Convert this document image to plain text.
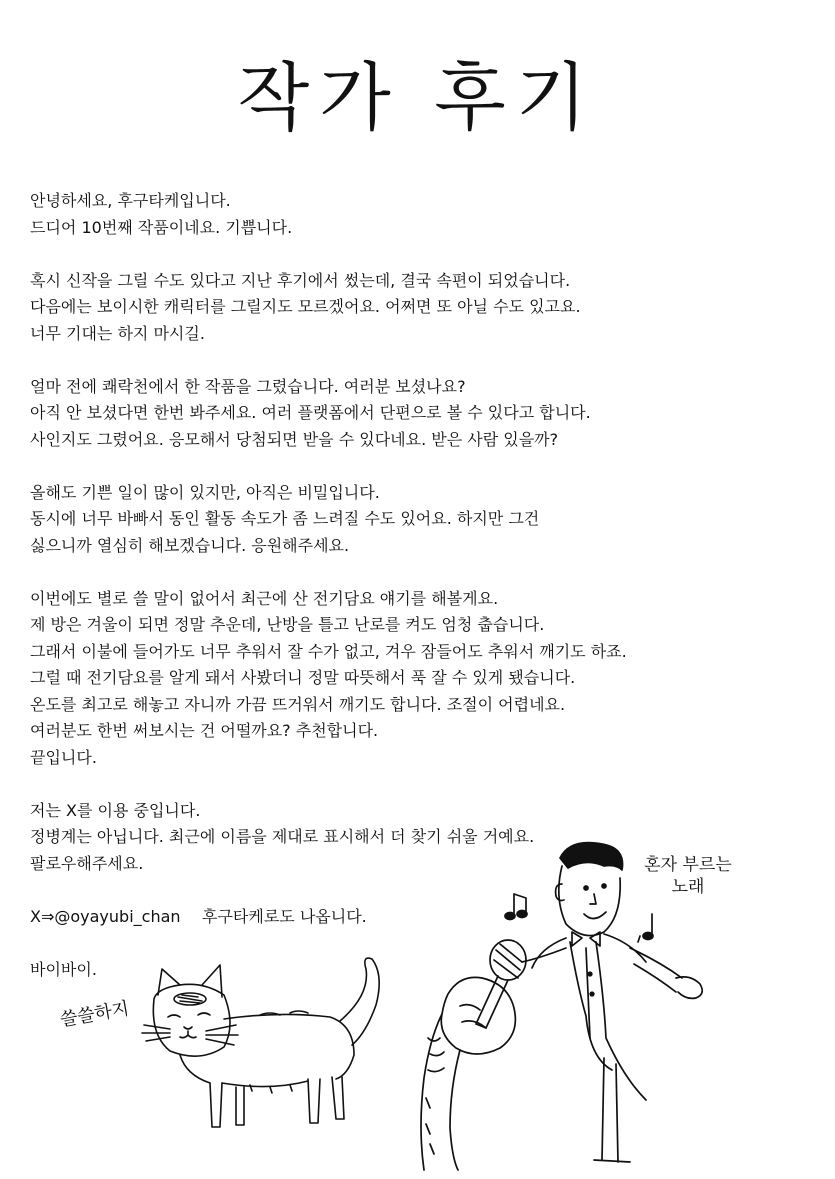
작가 후기
안녕하세요, 후구타케입니다.
드디어 10번째 작품이네요. 기쁩니다.
혹시 신작을 그릴 수도 있다고 지난 후기에서 썼는데, 결국 속편이 되었습니다.
다음에는 보이시한 캐릭터를 그릴지도 모르겠어요. 어쩌면 또 아닐 수도 있고요.
너무 기대는 하지 마시길.
얼마 전에 쾌락천에서 한 작품을 그렸습니다. 여러분 보셨나요?
아직 안 보셨다면 한번 봐주세요. 여러 플랫폼에서 단편으로 볼 수 있다고 합니다.
사인지도 그렸어요. 응모해서 당첨되면 받을 수 있다네요. 받은 사람 있을까?
올해도 기쁜 일이 많이 있지만, 아직은 비밀입니다.
동시에 너무 바빠서 동인 활동 속도가 좀 느려질 수도 있어요. 하지만 그건
싫으니까 열심히 해보겠습니다. 응원해주세요.
이번에도 별로 쓸 말이 없어서 최근에 산 전기담요 얘기를 해볼게요.
제 방은 겨울이 되면 정말 추운데, 난방을 틀고 난로를 켜도 엄청 춥습니다.
그래서 이불에 들어가도 너무 추워서 잘 수가 없고, 겨우 잠들어도 추워서 깨기도 하죠.
그럴 때 전기담요를 알게 돼서 사봤더니 정말 따뜻해서 푹 잘 수 있게 됐습니다.
온도를 최고로 해놓고 자니까 가끔 뜨거워서 깨기도 합니다. 조절이 어렵네요.
여러분도 한번 써보시는 건 어떨까요? 추천합니다.
끝입니다.
저는 X를 이용 중입니다.
정병계는 아닙니다. 최근에 이름을 제대로 표시해서 더 찾기 쉬울 거예요.
팔로우해주세요.
X⇒@oyayubi_chan 후구타케로도 나옵니다.
바이바이.
쓸쓸하지
혼자 부르는
노래
